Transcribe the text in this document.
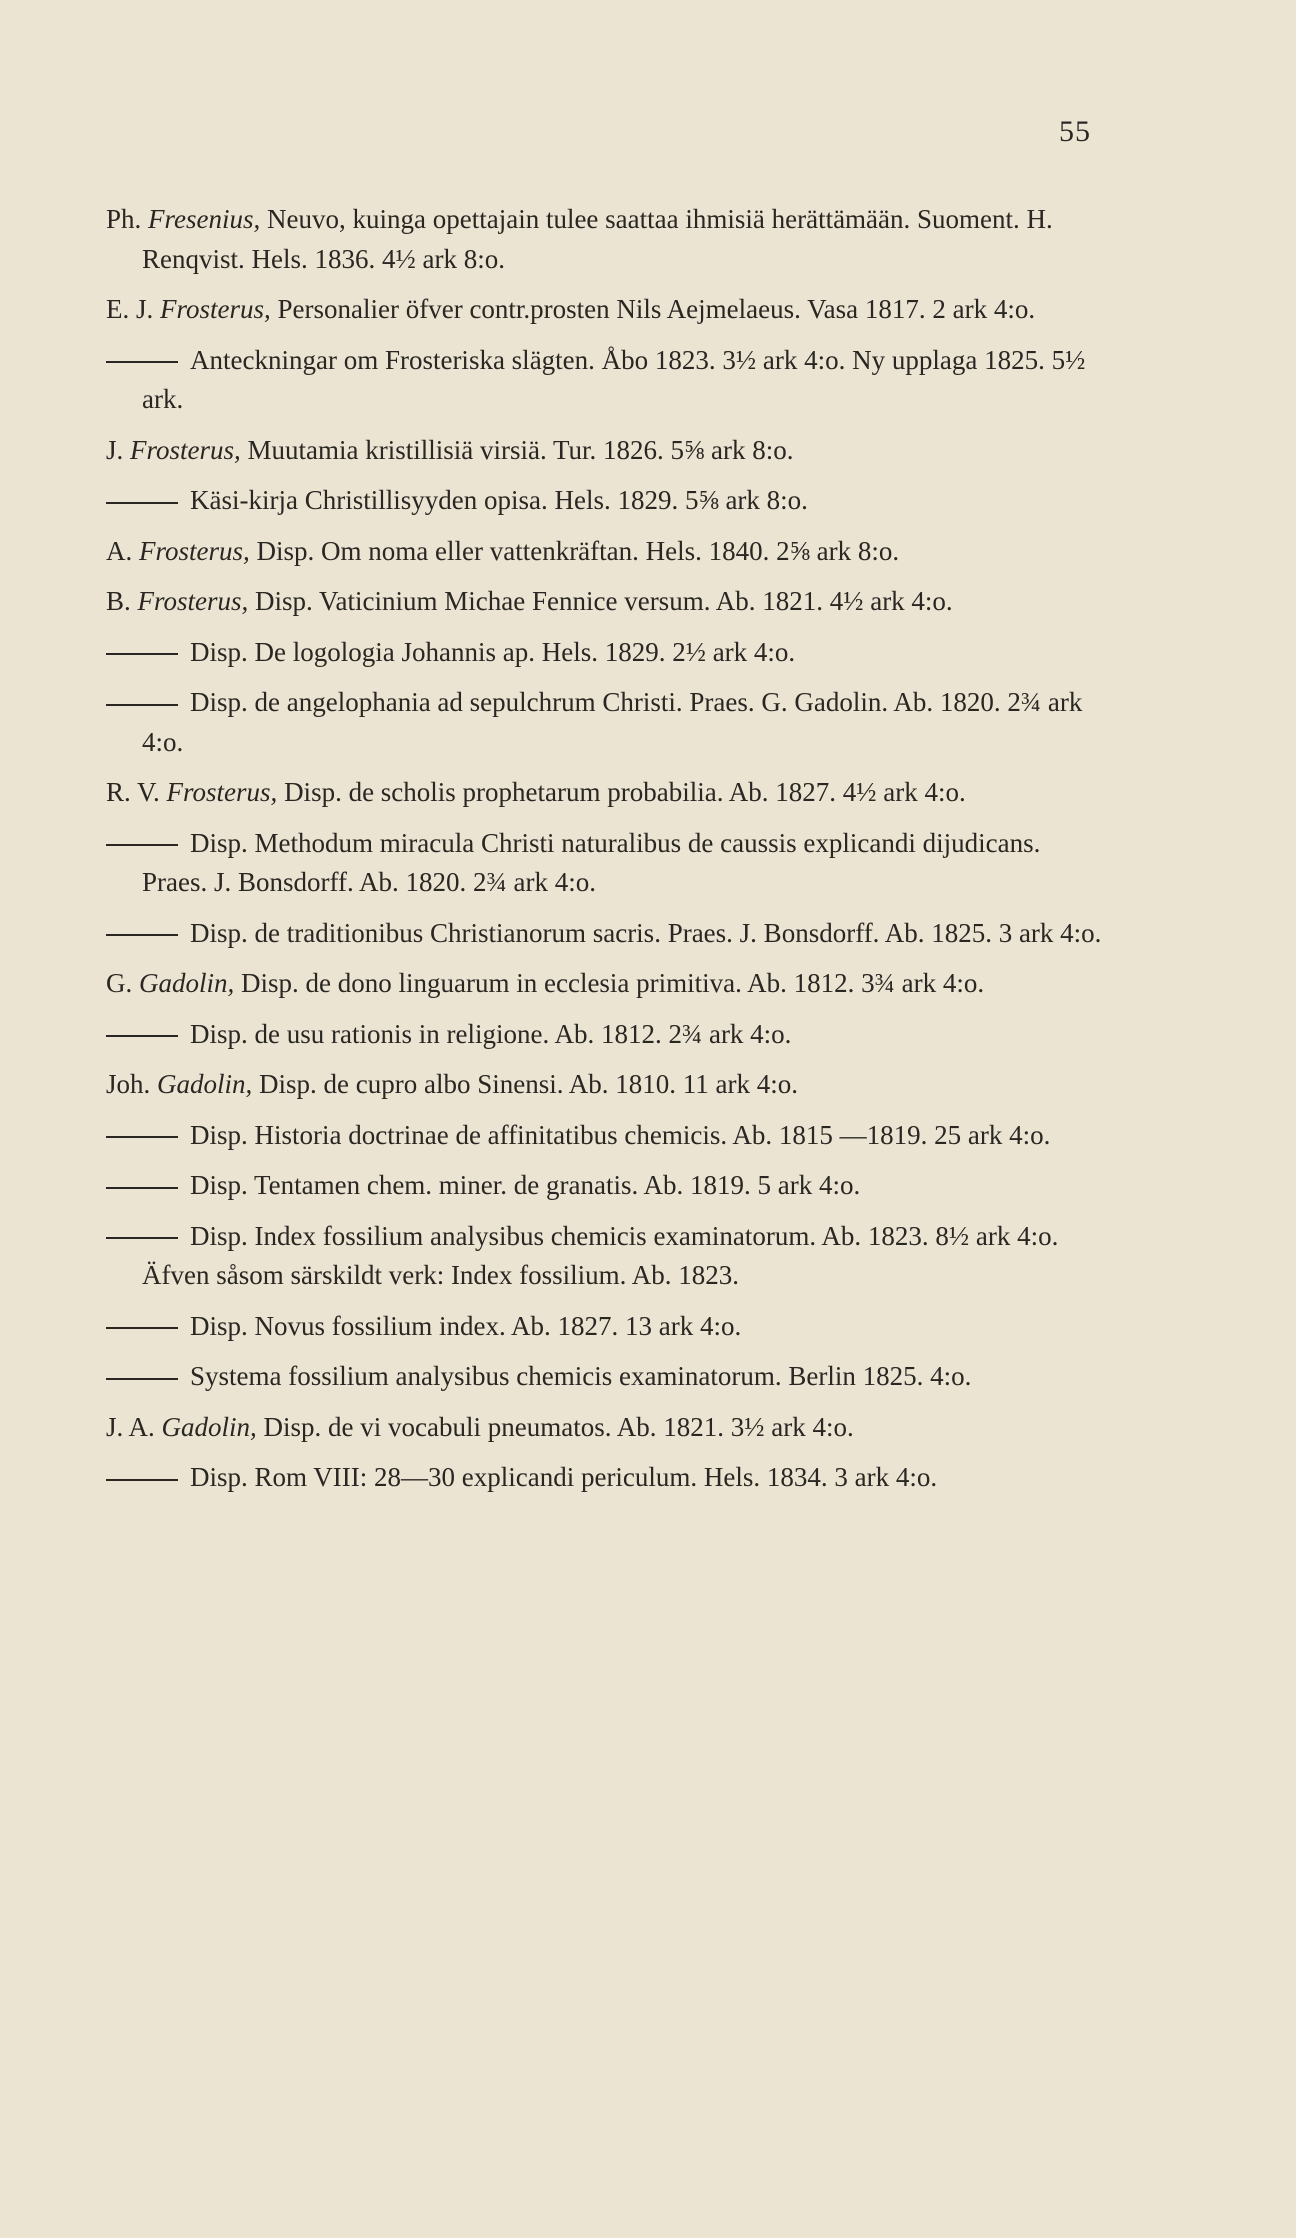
55
Ph. Fresenius, Neuvo, kuinga opettajain tulee saattaa ihmisiä herättämään. Suoment. H. Renqvist. Hels. 1836. 4½ ark 8:o.
E. J. Frosterus, Personalier öfver contr.prosten Nils Aejmelaeus. Vasa 1817. 2 ark 4:o.
Anteckningar om Frosteriska slägten. Åbo 1823. 3½ ark 4:o. Ny upplaga 1825. 5½ ark.
J. Frosterus, Muutamia kristillisiä virsiä. Tur. 1826. 5⅝ ark 8:o.
Käsi-kirja Christillisyyden opisa. Hels. 1829. 5⅝ ark 8:o.
A. Frosterus, Disp. Om noma eller vattenkräftan. Hels. 1840. 2⅝ ark 8:o.
B. Frosterus, Disp. Vaticinium Michae Fennice versum. Ab. 1821. 4½ ark 4:o.
Disp. De logologia Johannis ap. Hels. 1829. 2½ ark 4:o.
Disp. de angelophania ad sepulchrum Christi. Praes. G. Gadolin. Ab. 1820. 2¾ ark 4:o.
R. V. Frosterus, Disp. de scholis prophetarum probabilia. Ab. 1827. 4½ ark 4:o.
Disp. Methodum miracula Christi naturalibus de caussis explicandi dijudicans. Praes. J. Bonsdorff. Ab. 1820. 2¾ ark 4:o.
Disp. de traditionibus Christianorum sacris. Praes. J. Bonsdorff. Ab. 1825. 3 ark 4:o.
G. Gadolin, Disp. de dono linguarum in ecclesia primitiva. Ab. 1812. 3¾ ark 4:o.
Disp. de usu rationis in religione. Ab. 1812. 2¾ ark 4:o.
Joh. Gadolin, Disp. de cupro albo Sinensi. Ab. 1810. 11 ark 4:o.
Disp. Historia doctrinae de affinitatibus chemicis. Ab. 1815 —1819. 25 ark 4:o.
Disp. Tentamen chem. miner. de granatis. Ab. 1819. 5 ark 4:o.
Disp. Index fossilium analysibus chemicis examinatorum. Ab. 1823. 8½ ark 4:o. Äfven såsom särskildt verk: Index fossilium. Ab. 1823.
Disp. Novus fossilium index. Ab. 1827. 13 ark 4:o.
Systema fossilium analysibus chemicis examinatorum. Berlin 1825. 4:o.
J. A. Gadolin, Disp. de vi vocabuli pneumatos. Ab. 1821. 3½ ark 4:o.
Disp. Rom VIII: 28—30 explicandi periculum. Hels. 1834. 3 ark 4:o.
